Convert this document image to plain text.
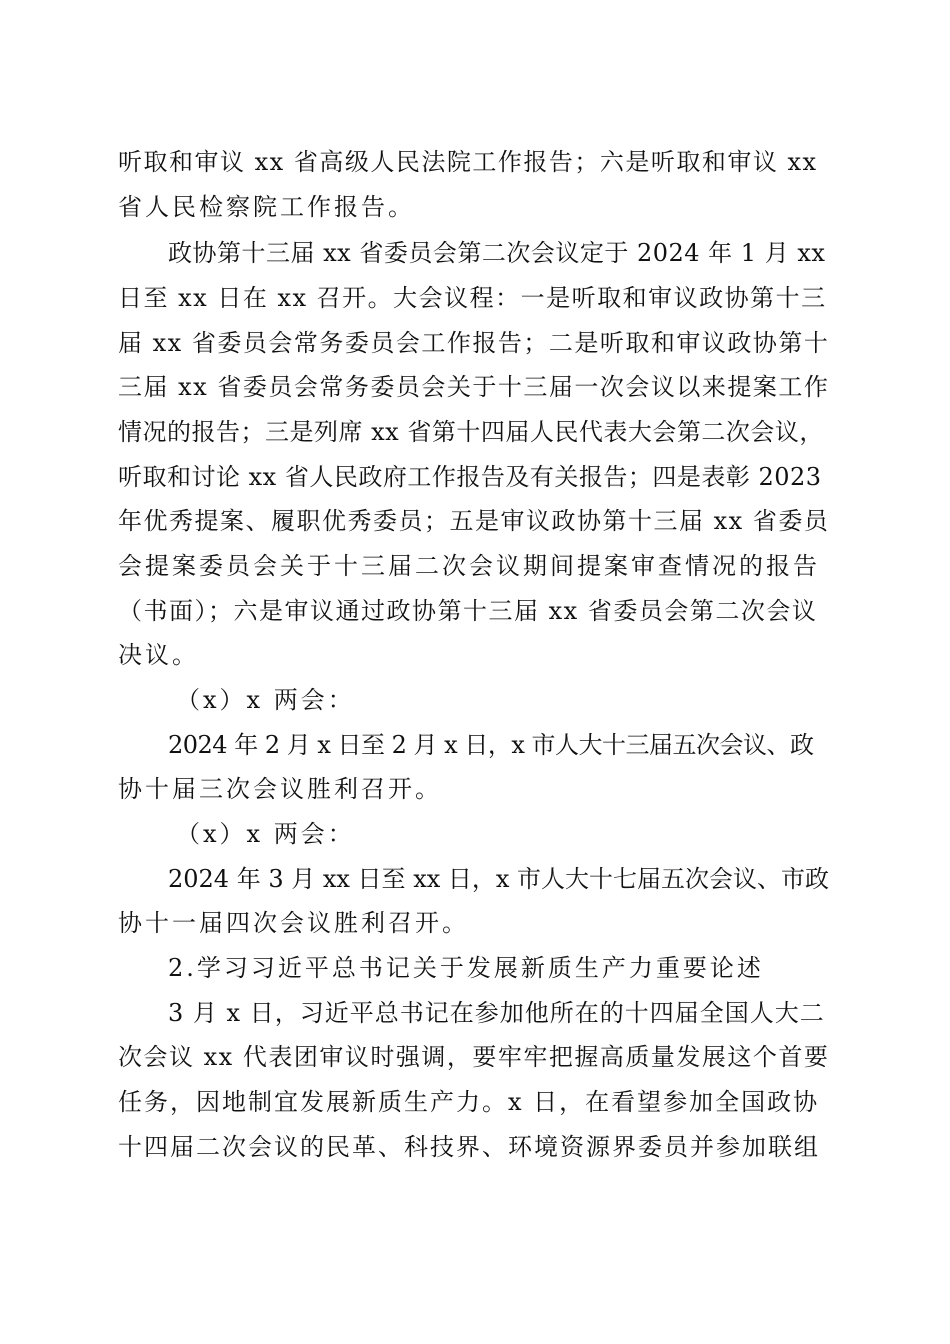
听取和审议 xx 省高级人民法院工作报告；六是听取和审议 xx
省人民检察院工作报告。
政协第十三届 xx 省委员会第二次会议定于 2024 年 1 月 xx
日至 xx 日在 xx 召开。大会议程：一是听取和审议政协第十三
届 xx 省委员会常务委员会工作报告；二是听取和审议政协第十
三届 xx 省委员会常务委员会关于十三届一次会议以来提案工作
情况的报告；三是列席 xx 省第十四届人民代表大会第二次会议，
听取和讨论 xx 省人民政府工作报告及有关报告；四是表彰 2023
年优秀提案、履职优秀委员；五是审议政协第十三届 xx 省委员
会提案委员会关于十三届二次会议期间提案审查情况的报告
（书面）；六是审议通过政协第十三届 xx 省委员会第二次会议
决议。
（x）x 两会：
2024 年 2 月 x 日至 2 月 x 日，x 市人大十三届五次会议、政
协十届三次会议胜利召开。
（x）x 两会：
2024 年 3 月 xx 日至 xx 日，x 市人大十七届五次会议、市政
协十一届四次会议胜利召开。
2.学习习近平总书记关于发展新质生产力重要论述
3 月 x 日，习近平总书记在参加他所在的十四届全国人大二
次会议 xx 代表团审议时强调，要牢牢把握高质量发展这个首要
任务，因地制宜发展新质生产力。x 日，在看望参加全国政协
十四届二次会议的民革、科技界、环境资源界委员并参加联组
